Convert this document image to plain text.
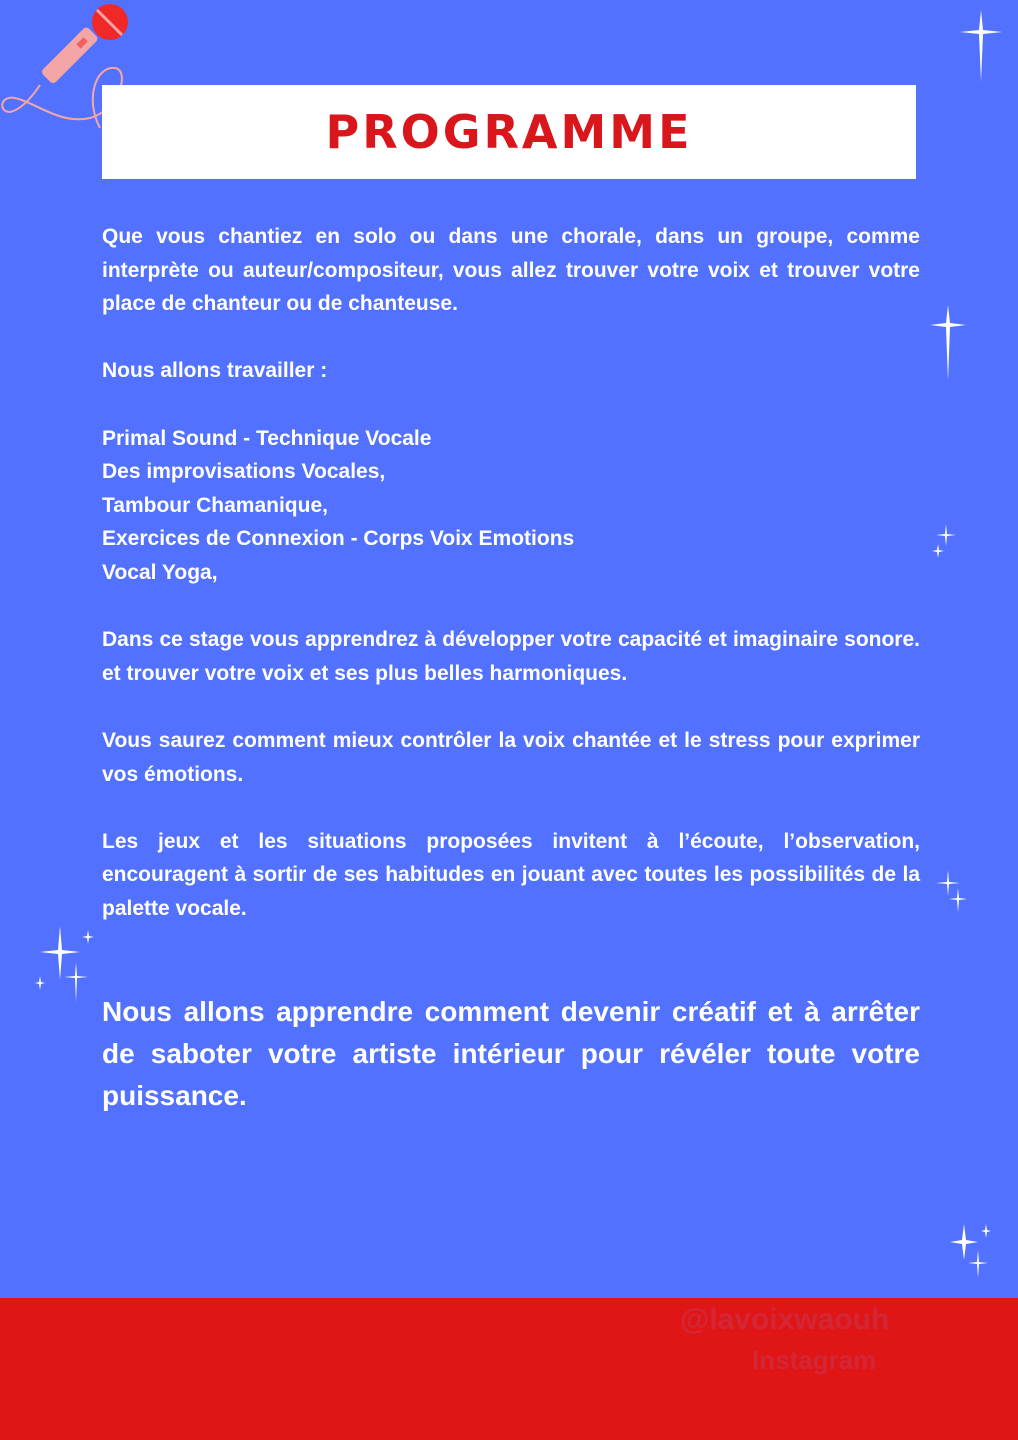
PROGRAMME

Que vous chantiez en solo ou dans une chorale, dans un groupe, comme interprète ou auteur/compositeur, vous allez trouver votre voix et trouver votre place de chanteur ou de chanteuse.

Nous allons travailler :

Primal Sound - Technique Vocale
Des improvisations Vocales,
Tambour Chamanique,
Exercices de Connexion - Corps Voix Emotions
Vocal Yoga,

Dans ce stage vous apprendrez à développer votre capacité et imaginaire sonore. et trouver votre voix et ses plus belles harmoniques.

Vous saurez comment mieux contrôler la voix chantée et le stress pour exprimer vos émotions.

Les jeux et les situations proposées invitent à l’écoute, l’observation, encouragent à sortir de ses habitudes en jouant avec toutes les possibilités de la palette vocale.

Nous allons apprendre comment devenir créatif et à arrêter de saboter votre artiste intérieur pour révéler toute votre puissance.
@lavoixwaouh
Instagram
